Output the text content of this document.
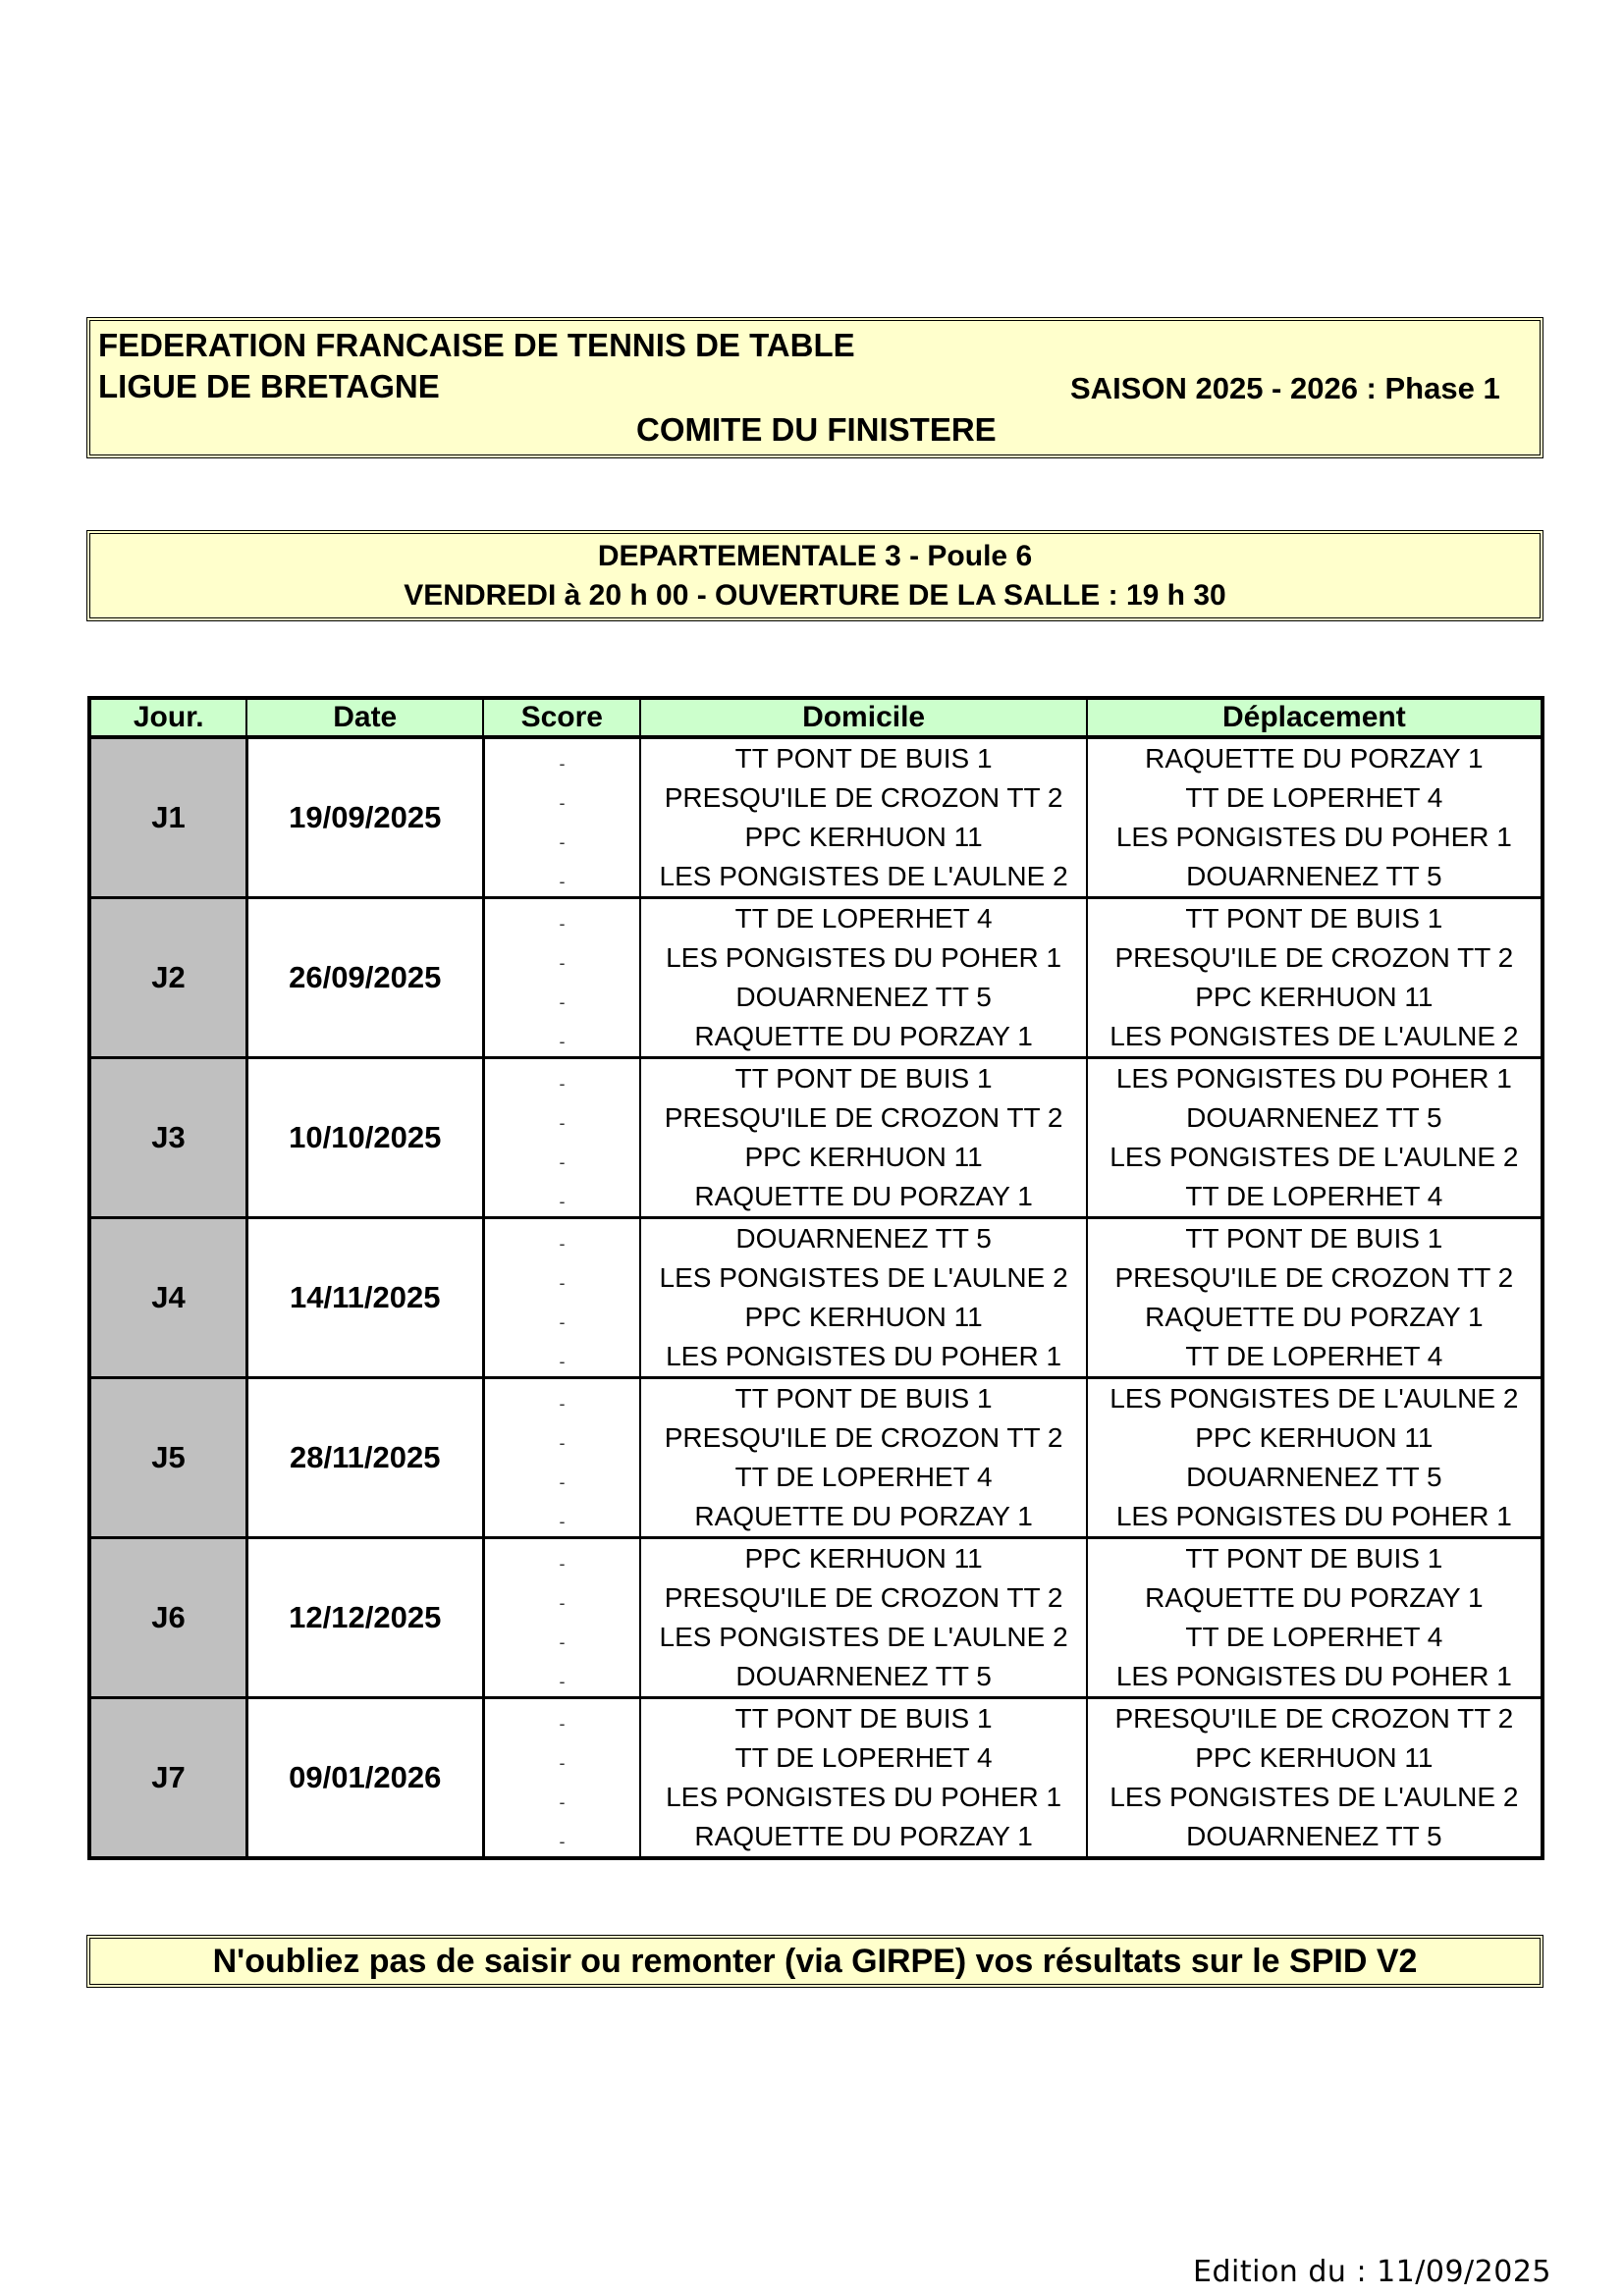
FEDERATION FRANCAISE DE TENNIS DE TABLE
LIGUE DE BRETAGNE	SAISON 2025 - 2026 : Phase 1
COMITE DU FINISTERE
DEPARTEMENTALE 3 - Poule 6
VENDREDI à 20 h 00 - OUVERTURE DE LA SALLE : 19 h 30
Jour.	Date	Score	Domicile	Déplacement
J1	19/09/2025	-	TT PONT DE BUIS 1	RAQUETTE DU PORZAY 1
		-	PRESQU'ILE DE CROZON TT 2	TT DE LOPERHET 4
		-	PPC KERHUON 11	LES PONGISTES DU POHER 1
		-	LES PONGISTES DE L'AULNE 2	DOUARNENEZ TT 5
J2	26/09/2025	-	TT DE LOPERHET 4	TT PONT DE BUIS 1
		-	LES PONGISTES DU POHER 1	PRESQU'ILE DE CROZON TT 2
		-	DOUARNENEZ TT 5	PPC KERHUON 11
		-	RAQUETTE DU PORZAY 1	LES PONGISTES DE L'AULNE 2
J3	10/10/2025	-	TT PONT DE BUIS 1	LES PONGISTES DU POHER 1
		-	PRESQU'ILE DE CROZON TT 2	DOUARNENEZ TT 5
		-	PPC KERHUON 11	LES PONGISTES DE L'AULNE 2
		-	RAQUETTE DU PORZAY 1	TT DE LOPERHET 4
J4	14/11/2025	-	DOUARNENEZ TT 5	TT PONT DE BUIS 1
		-	LES PONGISTES DE L'AULNE 2	PRESQU'ILE DE CROZON TT 2
		-	PPC KERHUON 11	RAQUETTE DU PORZAY 1
		-	LES PONGISTES DU POHER 1	TT DE LOPERHET 4
J5	28/11/2025	-	TT PONT DE BUIS 1	LES PONGISTES DE L'AULNE 2
		-	PRESQU'ILE DE CROZON TT 2	PPC KERHUON 11
		-	TT DE LOPERHET 4	DOUARNENEZ TT 5
		-	RAQUETTE DU PORZAY 1	LES PONGISTES DU POHER 1
J6	12/12/2025	-	PPC KERHUON 11	TT PONT DE BUIS 1
		-	PRESQU'ILE DE CROZON TT 2	RAQUETTE DU PORZAY 1
		-	LES PONGISTES DE L'AULNE 2	TT DE LOPERHET 4
		-	DOUARNENEZ TT 5	LES PONGISTES DU POHER 1
J7	09/01/2026	-	TT PONT DE BUIS 1	PRESQU'ILE DE CROZON TT 2
		-	TT DE LOPERHET 4	PPC KERHUON 11
		-	LES PONGISTES DU POHER 1	LES PONGISTES DE L'AULNE 2
		-	RAQUETTE DU PORZAY 1	DOUARNENEZ TT 5
N'oubliez pas de saisir ou remonter (via GIRPE) vos résultats sur le SPID V2
Edition du : 11/09/2025
